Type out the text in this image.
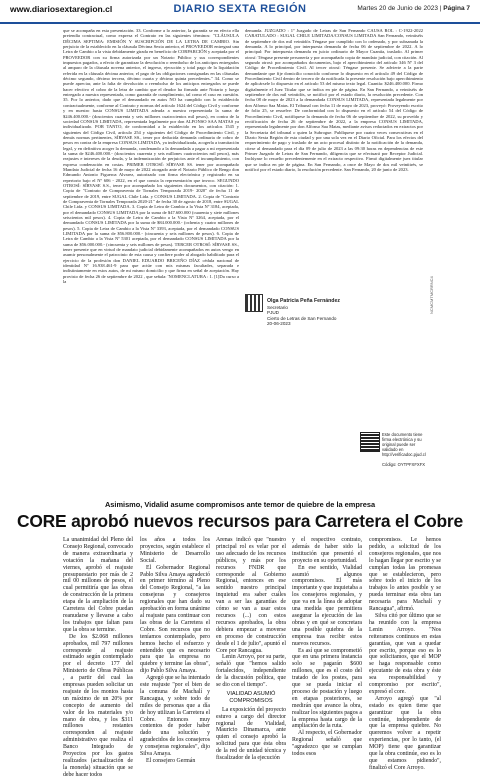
www.diariosextaregion.cl	DIARIO SEXTA REGIÓN	Martes 20 de Junio de 2023 | Página 7
que se acompaña en esta presentación. 33. Conforme a lo anterior, la garantía se en efecto ella pretendía contractual, como expresa el Contrato en las siguientes términos: "CLÁUSULA DÉCIMA SEPTIMA: EMISIÓN Y SUSCRIPCIÓN DE LA LETRA DE CAMBIO. Sin perjuicio de la establecido en la cláusula Décima Sexta anterior, el PROVEEDOR entregará una Letra de Cambio a la vista debidamente girada en beneficio de CORPARCIÓN y aceptada por el PROVEEDOR con su firma autorizada por un Notario Público y sus correspondientes impuestos pagados, a efecto de garantizar la devolución o reembolso de los anticipos entregados al amparo de la cláusula novena anterior, el ingreso, ejecución y total pago de la liquidación referida en la cláusula décima anterior, el pago de las obligaciones consignadas en las cláusulas décimo segundo, décimo tercera, décimo cuarta y décimo quinta precedentes." 34. Como se puede apreciar, ante la falta de devolución o reembolso de los anticipos entregados se puede hacer efectivo el cobro de la letra de cambio que el deudor ha firmado ante Notario y luego entregado a nuestra representada, como garantía de cumplimiento, tal como el caso en cuestión. 35. Por lo anterior, dado que el demandado en autos NO ha cumplido con lo establecido contractualmente, conforme al Contrato y normas del artículo 1624 del Código Civil y conforme y en nuestro hasta CONSUS LIMITADA adeuda a nuestra representada la suma de $246.400.000.- (doscientos cuarenta y seis millones cuatrocientos mil pesos), en contra de la sociedad CONSUS LIMITADA, representada legalmente por don ALFONSO SAA MATAS ya individualizado. POR TANTO, de conformidad a lo establecido en los artículos 1545 y siguientes del Código Civil, artículo 254 y siguientes del Código de Procedimiento Civil, y demás normas pertinentes, SÍRVASE SS., tener por deducida demanda ordinaria de cobro de pesos en contra de la empresa CONSUS LIMITADA, ya individualizada, acogerla a tramitación legal, y en definitiva acoger la demanda, condenando a la demandada a pagar a mi representada la suma de $246.400.000.- (doscientos cuarenta y seis millones cuatrocientos mil pesos), más reajustes e intereses de la deuda, y la indemnización de perjuicios ante el incumplimiento, con expresa condenación en costas. PRIMER OTROSÍ: SÍRVASE SS. tener por acompañado Mandato Judicial de fecha 16 de mayo de 2022 otorgado ante el Notario Público de Rengo don Edmundo Antonio Figueroa Alvarez, autorizado con firma electrónica y registrado en su repertorio bajo el Nº 606 - 2022, en el que consta la representación que invoco. SEGUNDO OTROSÍ: SÍRVASE S.S., tener por acompañado los siguientes documentos, con citación: 1. Copia de "Contrato de Compraventa de Tornales Temporada 2019- 2020" de fecha 11 de septiembre de 2019, entre SUGAL Chile Ltda. y CONSUS LIMITADA. 2. Copia de "Contrato de Compraventa de Tornales Temporada 2020-21" de fecha 30 de agosto de 2018, entre SUGAL Chile Ltda. y CONSUS LIMITADA. 3. Copia de Letra de Cambio a la Vista Nº 3184, aceptada, por el demandado CONSUS LIMITADA por la suma de $47.600.000 (cuarenta y siete millones seiscientos mil pesos). 4. Copia de Letra de Cambio a la Vista Nº 3264, aceptada, por el demandado CONSUS LIMITADA por la suma de $84.000.000.- (ochenta y cuatro millones de pesos). 5. Copia de Letra de Cambio a la Vista Nº 3393, aceptada, por el demandado CONSUS LIMITADA por la suma de $56.800.000.- (cincuenta y seis millones de pesos). 6. Copia de Letra de Cambio a la Vista Nº 5301 aceptada, por el demandado CONSUS LIMITADA por la suma de $56.000.000.- (cincuenta y seis millones de pesos). TERCER OTROSÍ: SÍRVASE SS., tener presente que en virtud de mandato judicial debidamente acompañados en autos vengo en asumir personalmente el patrocinio de esta causa y confiere poder al abogado habilitado para el ejercicio de la profesión don DANIEL EDUARDO BRICEÑO DÍAZ cédula nacional de identidad Nº 16.938.461-9 para que actúe con mis mismas facultades, separada e indistintamente en estos autos, de mi mismo domicilio y que firma en señal de aceptación. Hay provisto de fecha 26 de septiembre de 2022 , que señala: 'NOMENCLATURA : 1. [1]Da curso a la
demanda. JUZGADO : 1º Juzgado de Letras de San Fernando CAUSA ROL : C-1922-2022 CARATULADO : SUGAL CHILE LIMITADA/CONSUS LIMITADA San Fernando, veintiséis de septiembre de dos mil veintidós Téngase por cumplido con lo ordenado, y por subsanada la demanda. A lo principal, por interpuesta demanda de fecha 06 de septiembre de 2022. A lo principal: Por interpuesta demanda en juicio ordinario de Mayor Cuantía, traslado. Al primer otrosí: Téngase presente personería y por acompañado copia de mandato judicial, con citación. Al segundo otrosí: por acompañados documentos, bajo el apercibimiento del artículo 346 Nº 3 del Código de Procedimiento Civil. Al tercer otrosí: Téngase presente. Se advierte a la parte demandante que fije domicilio conocido conforme lo dispuesto en el artículo 49 del Código de Procedimiento Civil dentro de tercero de da notificada la presente resolución bajo apercibimiento de aplicársele lo dispuesto en el artículo 53 del mismo texto legal. Cuantía: $246.400.000. Firmo digitalmente el Juez Titular que se indica en pie de página. En San Fernando, a veintiséis de septiembre de dos mil veintidós, se notificó por el estado diario, la resolución precedente. Con fecha 08 de mayo de 2023 a la demandada CONSUS LIMITADA, representada legalmente por don Alfonso Saa Matas. El Tribunal con fecha 11 de mayo de 2023, proveyó: Proveyendo escrito de folio 25, se resuelve: De conformidad con lo dispuesto en el artículo 54 del Código de Procedimiento Civil, notifíquese la demanda de fecha 06 de septiembre de 2022, su proveído y rectificación de fecha 26 de septiembre de 2022, a la empresa CONSUS LIMITADA, representada legalmente por don Alfonso Saa Matas, mediante avisos redactados en extractos por la Secretaria del tribunal o quien la Subrogue. Publíquese por cuatro veces consecutivas en el Diario Sexta Región de esta ciudad y por una sola vez en el Diario Oficial. Para los efectos del requerimiento de pago y traslado de un acto procesal distinto de la notificación de la demanda, citese al demandado para el día 09 de julio de 2023 a las 09:30 horas en dependencias de este Primer Juzgado de Letras de San Fernando, diligencia que se efectuará por Receptor Judicial. Inclúyase lo resuelto precedentemente en el extracto respectivo. Firmó digitalmente juez titular que se indica en pie de página. En San Fernando, a once de Mayo de dos mil veintitrés, se notificó por el estado diario, la resolución precedente. San Fernando, 20 de junio de 2023.
Olga Patricia Peña Fernández
Secretario
PJUD
Cierto de Letras de San Fernando
20-06-2023
NCMCMTMCRRNC4
Este documento tiene firma electrónica y su original puede ser validado en http://verificadoc.pjud.cl

Código: OYTPFXFXFX
Asimismo, Vidalid asume compromisos ante temor de quiebre de la empresa
CORE aprobó nuevos recursos para Carretera el Cobre

La unanimidad del Pleno del Consejo Regional, convocado de manera extraordinaria y votación la mañana del viernes, aprobó el reajuste presupuestario por más de 2 mil 00 millones de pesos, el cual permitiría que las obras de construcción de la primera etapa de la ampliación de la Carretera del Cobre puedan reanudarse y llevarse a cabo los trabajos que faltan para que la obra se termine.

De los $2.068 millones aprobados, mil 797 millones corresponde al reajuste estimado según contemplado por el decreto 177 del Ministerio de Obras Públicas , a partir del cual las empresas pueden solicitar un reajuste de los montos hasta un máximo de un 20% por concepto de aumento del valor de los materiales y/o mano de obra, y los $311 millones restantes corresponden al reajuste administrativo que realiza el Banco Integrado de Proyectos por los gastos realizados (actualización de la moneda) situación que se debe hacer todos

los años a todos los proyectos, según establece el Ministerio de Desarrollo Social.

El Gobernador Regional Pablo Silva Amaya agradeció en primer término al Pleno del Consejo Regional, "a las consejeras y consejeros regionales que han dado su aprobación en forma unánime al reajuste para continuar con las obras de la Carretera el Cobre. Son recursos que no teníamos contemplado, pero hemos hecho el esfuerzo y entendido que es necesario para que la empresa no quiebre y termine las obras", dijo Pablo Silva Amaya.

Agregó que se ha intentado este reajuste "por el bien de la comuna de Machalí y Rancagua, y sobre todo de miles de personas que a día de hoy utilizan la Carretera el Cobre. Entonces muy contentos de poder haber dado una solución y agradecidos de los consejeros y consejeras regionales", dijo Silva Amaya.

El consejero Germán

Arenas indicó que "nuestro principal rol es velar por el uso adecuado de los recursos públicos, y más por los recursos FNDR que corresponde al Gobierno Regional, entonces en ese sentido nuestro principal inquietud era saber cuáles van a ser las garantías de cómo se van a usar estos recursos (...) con estos recursos aprobados, la obra debiera empezar a moverse en proceso de construcción desde el 1 de julio", apuntó el Core por Rancagua.

Lenin Arroyo, por su parte, señaló que "hemos salido fortalecidos, independiente de la discusión política, que se dio con el tiempo".

VIALIDAD ASUMIÓ COMPROMISOS

La exposición del proyecto estuvo a cargo del director regional de Vialidad, Mauricio Dinamarca, ante quien el consejo aprobó la solicitud para que ésta obra de la red de unidad técnica y fiscalizador de la ejecución

y el respectivo contrato, además de haber sido la institución que presentó el proyecto en su oportunidad.

En ese sentido, Vialidad asumió algunos compromisos. El más importante y que inquietaba a los consejeros regionales, y que va en la línea de adoptar una medida que permitiera asegurar la ejecución de las obras y en qué se concretara una posible quiebra de la empresa tras recibir estos nuevos recursos.

Es así que se comprometió que en una primera instancia solo se pagarán $600 millones, que es el costo del tratado de los postes, para que se pueda iniciar el proceso de postación y luego en etapas posteriores, se medirán que avance la obra, realizar los siguientes pagos a la empresa hasta cargo de la ampliación de la ruta.

Al respecto, el Gobernador Regional señaló que "agradezco que se cumplan todos esos

compromisos. Le hemos pedido, a solicitud de los consejeros regionales, que nos lo hagan llegar por escrito y se cumplan todas las promesas que se establecieron, pero sobre todo el inicio de los trabajos lo antes posible y se pueda terminar esta obra tan necesaria para Machalí y Rancagua", afirmó.

Silva citó por último que se ha reunido con la empresa Lenin Arroyo. "Nos reiteramos continuos en estas garantías, que van a quedar por escrito, porque eso es lo que solicitamos, que el MOP se haga responsable como ejecutante de esta obra y éste sea responsabilidad y compromiso por escrito", expresó el core.

Arroyo agregó que "al estado es quien tiene que garantizar que la obra continúe, independiente de que la empresa quiebre. No queremos volver a repetir experiencias, por lo tanto, (el MOP) tiene que garantizar que la obra continúe, eso es lo que estamos pidiendo", finalizó el Core Arroyo.
